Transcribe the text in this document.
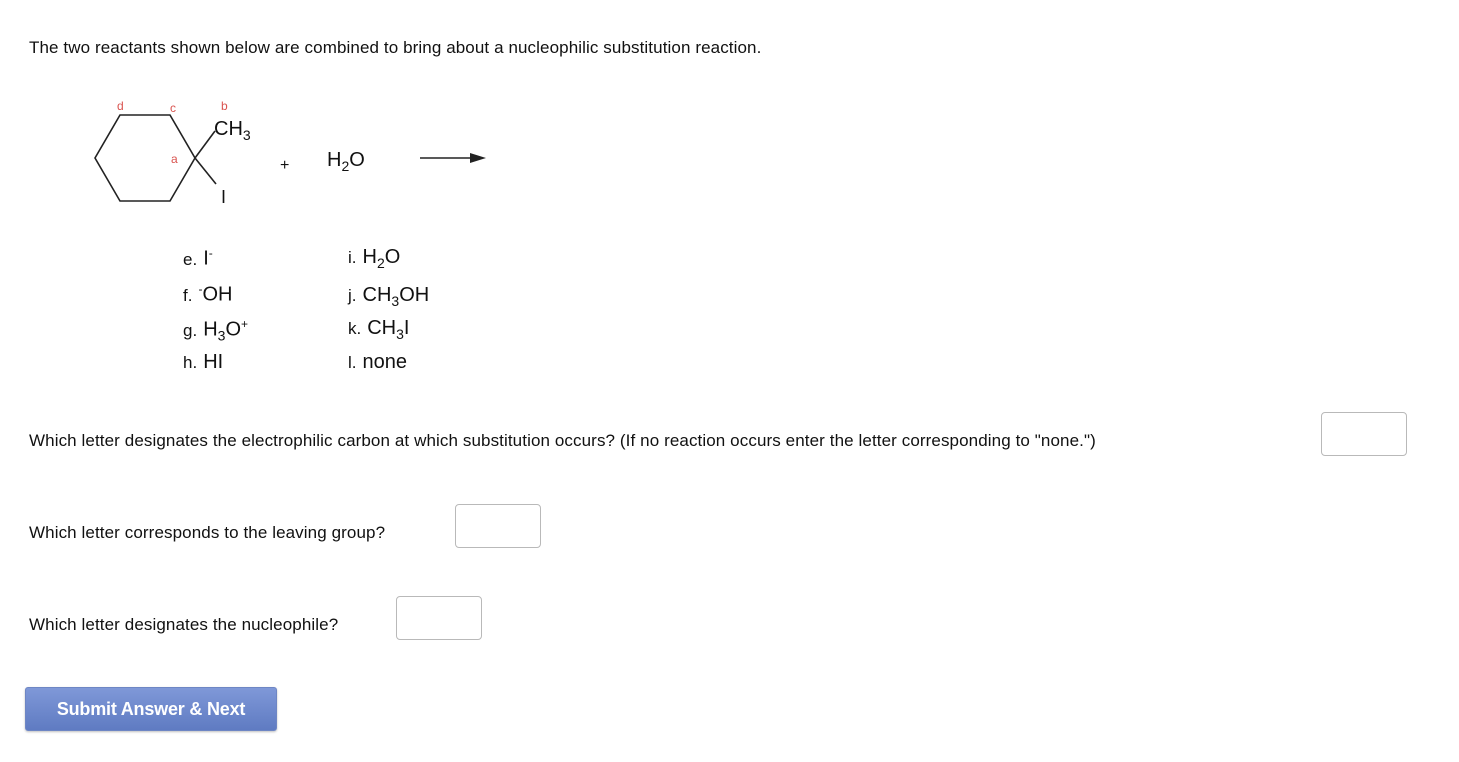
The two reactants shown below are combined to bring about a nucleophilic substitution reaction.
d	c	b
a
$CH_3$
I
+ $H_2O$
e. I-
f. -OH
g. $H_3O^+$
h. HI
i. $H_2O$
j. $CH_3OH$
k. $CH_3I$
l. none
Which letter designates the electrophilic carbon at which substitution occurs? (If no reaction occurs enter the letter corresponding to "none.")
Which letter corresponds to the leaving group?
Which letter designates the nucleophile?
Submit Answer & Next
